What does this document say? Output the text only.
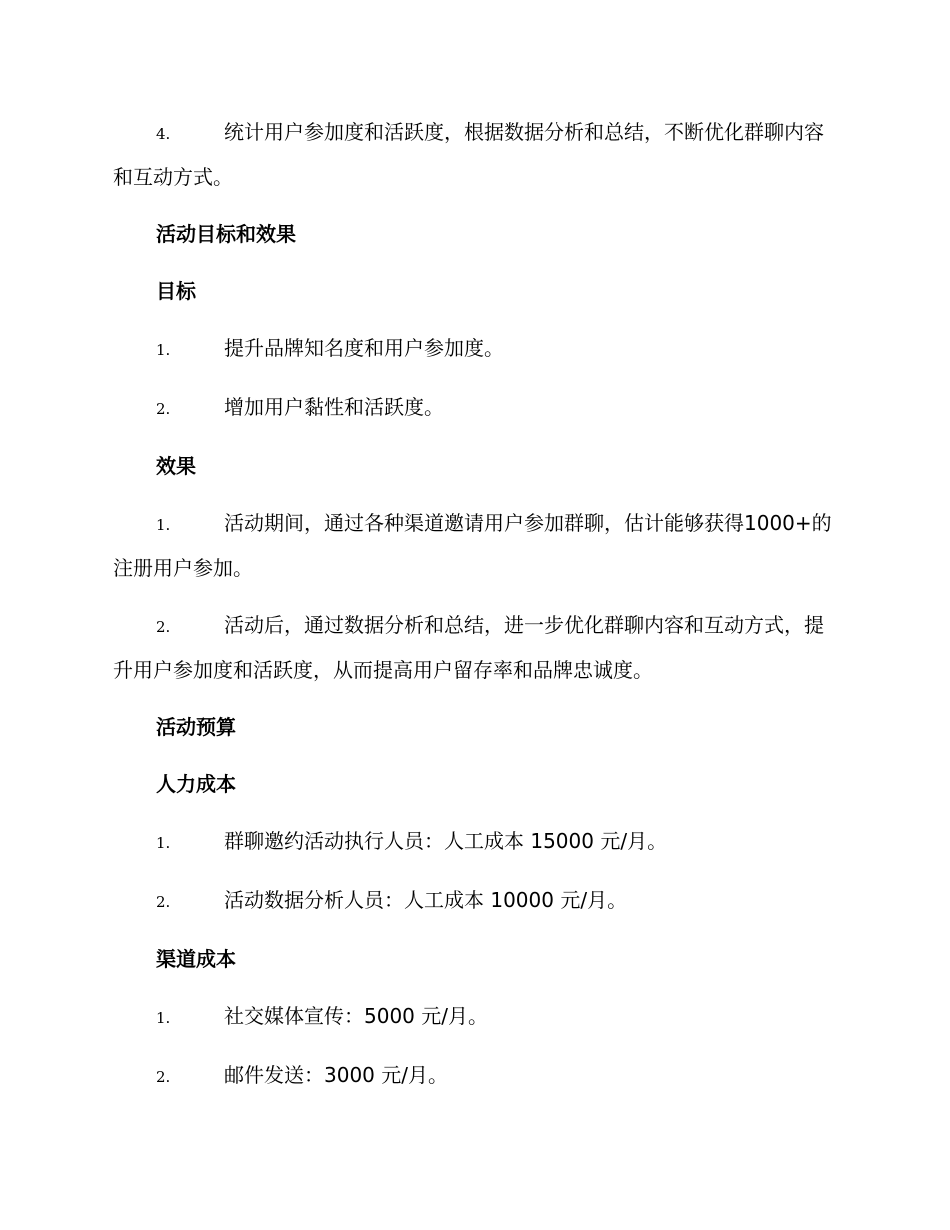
4.	统计用户参加度和活跃度，根据数据分析和总结，不断优化群聊内容和互动方式。

活动目标和效果

目标

1.	提升品牌知名度和用户参加度。

2.	增加用户黏性和活跃度。

效果

1.	活动期间，通过各种渠道邀请用户参加群聊，估计能够获得1000+的注册用户参加。

2.	活动后，通过数据分析和总结，进一步优化群聊内容和互动方式，提升用户参加度和活跃度，从而提高用户留存率和品牌忠诚度。

活动预算

人力成本

1.	群聊邀约活动执行人员：人工成本 15000 元/月。

2.	活动数据分析人员：人工成本 10000 元/月。

渠道成本

1.	社交媒体宣传：5000 元/月。

2.	邮件发送：3000 元/月。
